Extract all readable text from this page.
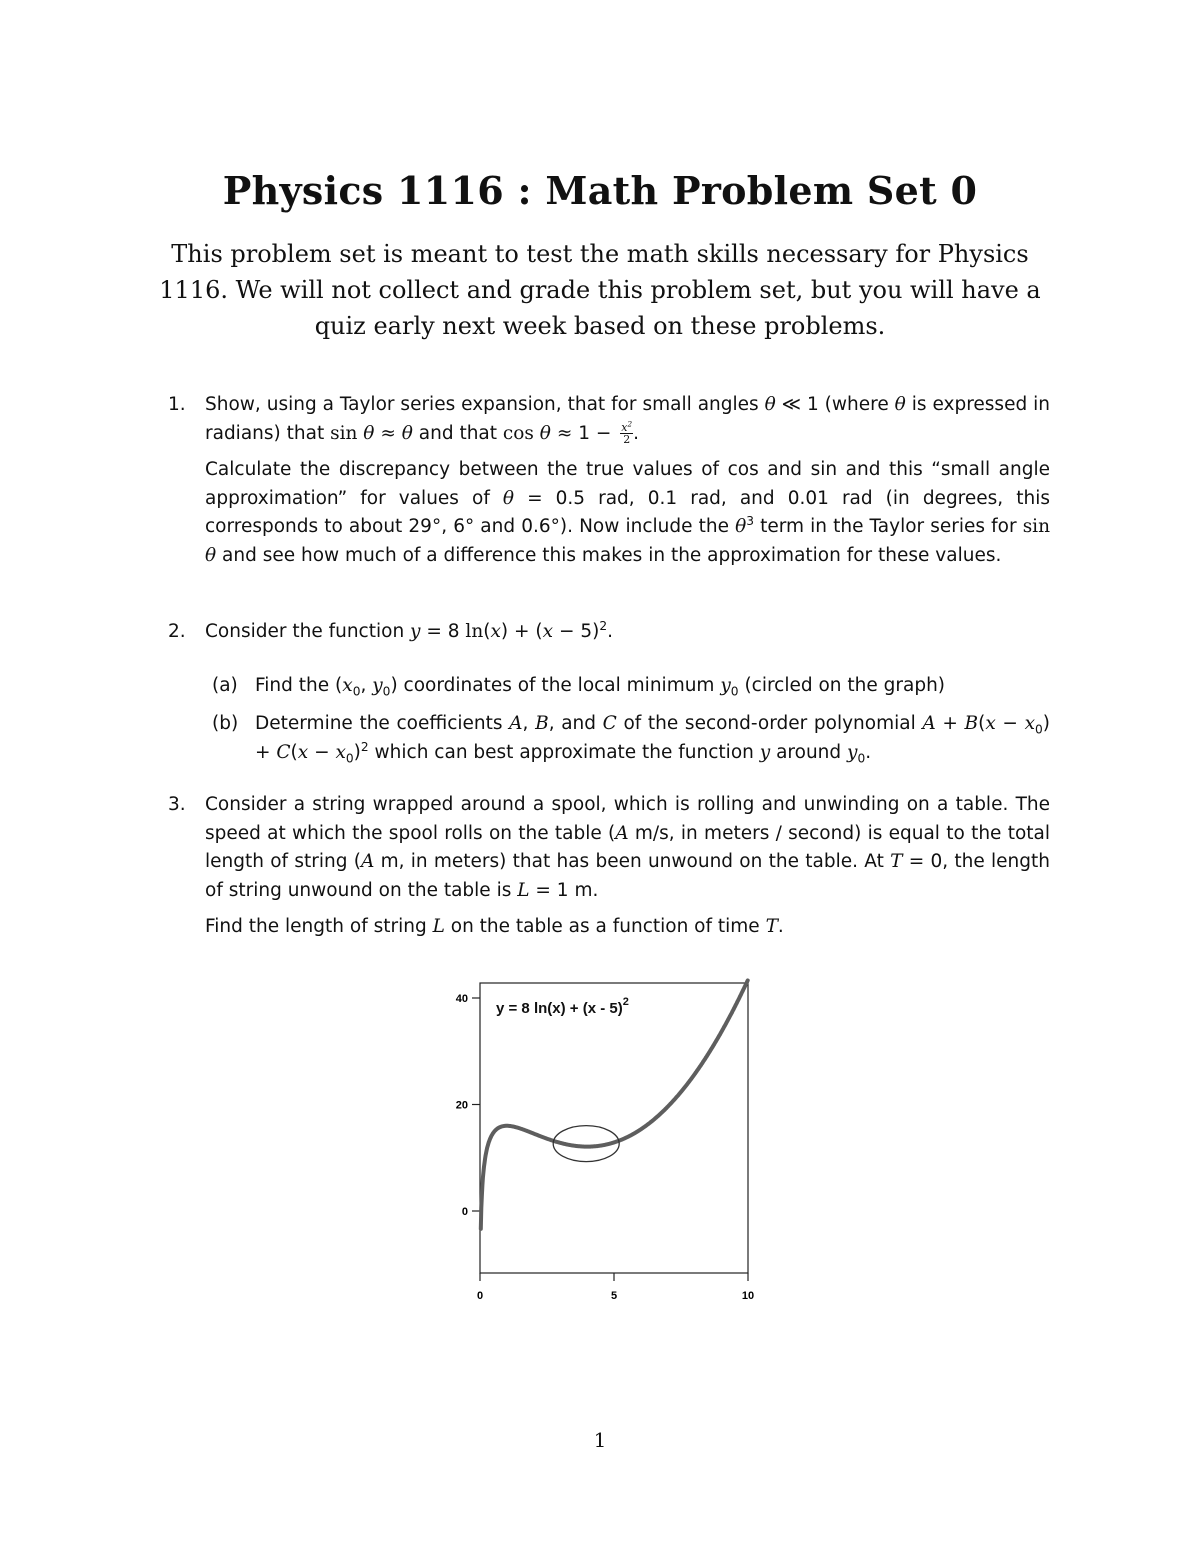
Physics 1116 : Math Problem Set 0
This problem set is meant to test the math skills necessary for Physics 1116. We will not collect and grade this problem set, but you will have a quiz early next week based on these problems.
1. Show, using a Taylor series expansion, that for small angles θ ≪ 1 (where θ is expressed in radians) that sin θ ≈ θ and that $\cos \theta \approx 1 - \frac{x^2}{2}$ .
Calculate the discrepancy between the true values of cos and sin and this “small angle approximation” for values of θ = 0.5 rad, 0.1 rad, and 0.01 rad (in degrees, this corresponds to about 29°, 6° and 0.6°). Now include the $\theta^3$ term in the Taylor series for sin θ and see how much of a difference this makes in the approximation for these values.
2. Consider the function y = 8 $\ln(x) + (x - 5)^2$.
(a) Find the ($x_0$, $y_0$) coordinates of the local minimum $y_0$ (circled on the graph)
(b) Determine the coefficients A, B, and C of the second-order polynomial $A + B(x - x_0) + C(x - x_0)^2$ which can best approximate the function y around $y_0$.
3. Consider a string wrapped around a spool, which is rolling and unwinding on a table. The speed at which the spool rolls on the table (A m/s, in meters / second) is equal to the total length of string (A m, in meters) that has been unwound on the table. At T = 0, the length of string unwound on the table is L = 1 m.
Find the length of string L on the table as a function of time T.
0
20
40
0	5	10
y = 8 ln(x) + (x - 5)$^2$
1
